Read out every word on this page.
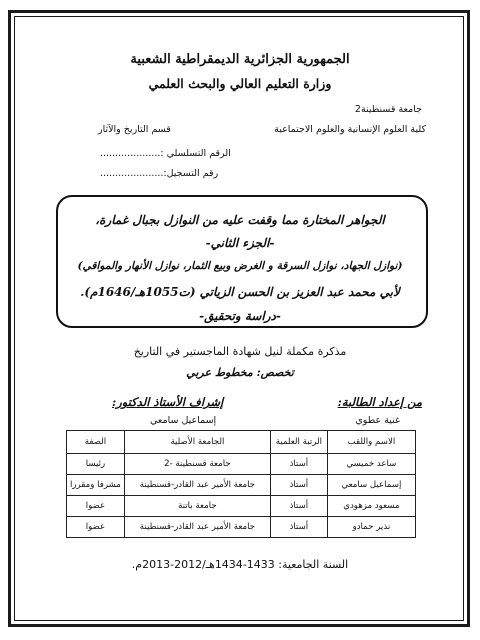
الجمهورية الجزائرية الديمقراطية الشعبية
وزارة التعليم العالي والبحث العلمي
جامعة قسنطينة2
كلية العلوم الإنسانية والعلوم الاجتماعية
قسم التاريخ والآثار
الرقم التسلسلي :....................
رقم التسجيل:.....................
الجواهر المختارة مما وقفت عليه من النوازل بجبال غمارة،
-الجزء الثاني-
(نوازل الجهاد، نوازل السرقة و الغرض وبيع الثمار، نوازل الأنهار والمواقي)
لأبي محمد عبد العزيز بن الحسن الزياتي (ت1055هـ/1646م).
-دراسة وتحقيق-
مذكرة مكملة لنيل شهادة الماجستير في التاريخ
تخصص: مخطوط عربي
من إعداد الطالبة:
إشراف الأستاذ الدكتور:
غنية عطوي
إسماعيل سامعي
الاسم واللقب	الرتبة العلمية	الجامعة الأصلية	الصفة
ساعد خميسي	أستاذ	جامعة قسنطينة -2	رئيسا
إسماعيل سامعي	أستاذ	جامعة الأمير عبد القادر-قسنطينة	مشرفا ومقررا
مسعود مزهودي	أستاذ	جامعة باتنة	عضوا
نذير حمادو	أستاذ	جامعة الأمير عبد القادر-قسنطينة	عضوا
السنة الجامعية: 1433-1434هـ/2012-2013م.
